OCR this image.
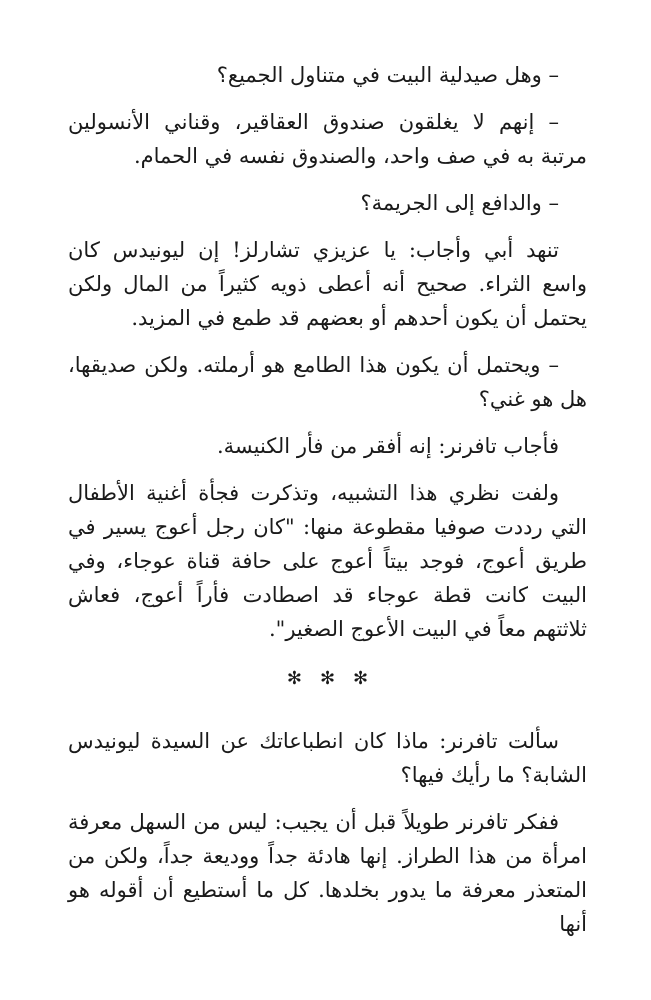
– وهل صيدلية البيت في متناول الجميع؟

– إنهم لا يغلقون صندوق العقاقير، وقناني الأنسولين مرتبة به في صف واحد، والصندوق نفسه في الحمام.

– والدافع إلى الجريمة؟

تنهد أبي وأجاب: يا عزيزي تشارلز! إن ليونيدس كان واسع الثراء. صحيح أنه أعطى ذويه كثيراً من المال ولكن يحتمل أن يكون أحدهم أو بعضهم قد طمع في المزيد.

– ويحتمل أن يكون هذا الطامع هو أرملته. ولكن صديقها، هل هو غني؟

فأجاب تافرنر: إنه أفقر من فأر الكنيسة.

ولفت نظري هذا التشبيه، وتذكرت فجأة أغنية الأطفال التي رددت صوفيا مقطوعة منها: "كان رجل أعوج يسير في طريق أعوج، فوجد بيتاً أعوج على حافة قناة عوجاء، وفي البيت كانت قطة عوجاء قد اصطادت فأراً أعوج، فعاش ثلاثتهم معاً في البيت الأعوج الصغير".

✻✻✻

سألت تافرنر: ماذا كان انطباعاتك عن السيدة ليونيدس الشابة؟ ما رأيك فيها؟

ففكر تافرنر طويلاً قبل أن يجيب: ليس من السهل معرفة امرأة من هذا الطراز. إنها هادئة جداً ووديعة جداً، ولكن من المتعذر معرفة ما يدور بخلدها. كل ما أستطيع أن أقوله هو أنها
